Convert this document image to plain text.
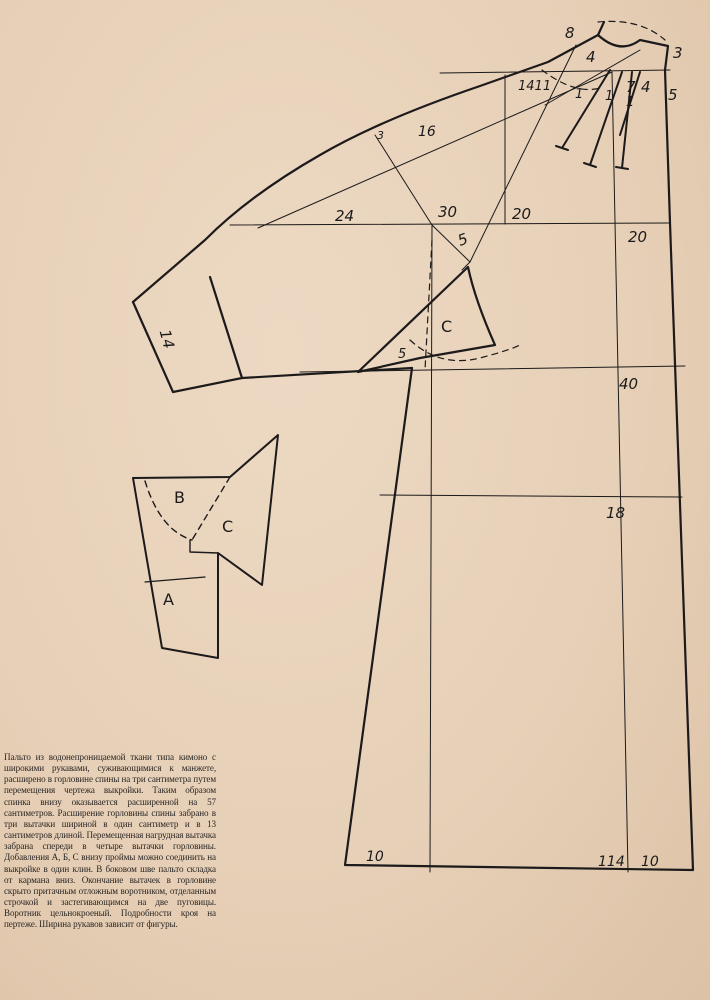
8
4	3
1411	7 4 5
1 1 1
3 16
24	30	20
20
5
14
C
5
40
18
10	114 10
B
C
A
Пальто из водонепроницаемой ткани типа кимоно с широкими рукавами, суживающимися к манжете, расширено в горловине спины на три сантиметра путем перемещения чертежа выкройки. Таким образом спинка внизу оказывается расширенной на 57 сантиметров. Расширение горловины спины забрано в три вытачки шириной в один сантиметр и в 13 сантиметров длиной. Перемещенная нагрудная вытачка забрана спереди в четыре вытачки горловины. Добавления А, Б, С внизу проймы можно соединить на выкройке в один клин. В боковом шве пальто складка от кармана вниз. Окончание вытачек в горловине скрыто притачным отложным воротником, отделанным строчкой и застегивающимся на две пуговицы. Воротник цельнокроеный. Подробности кроя на пертеже. Ширина рукавов зависит от фигуры.
